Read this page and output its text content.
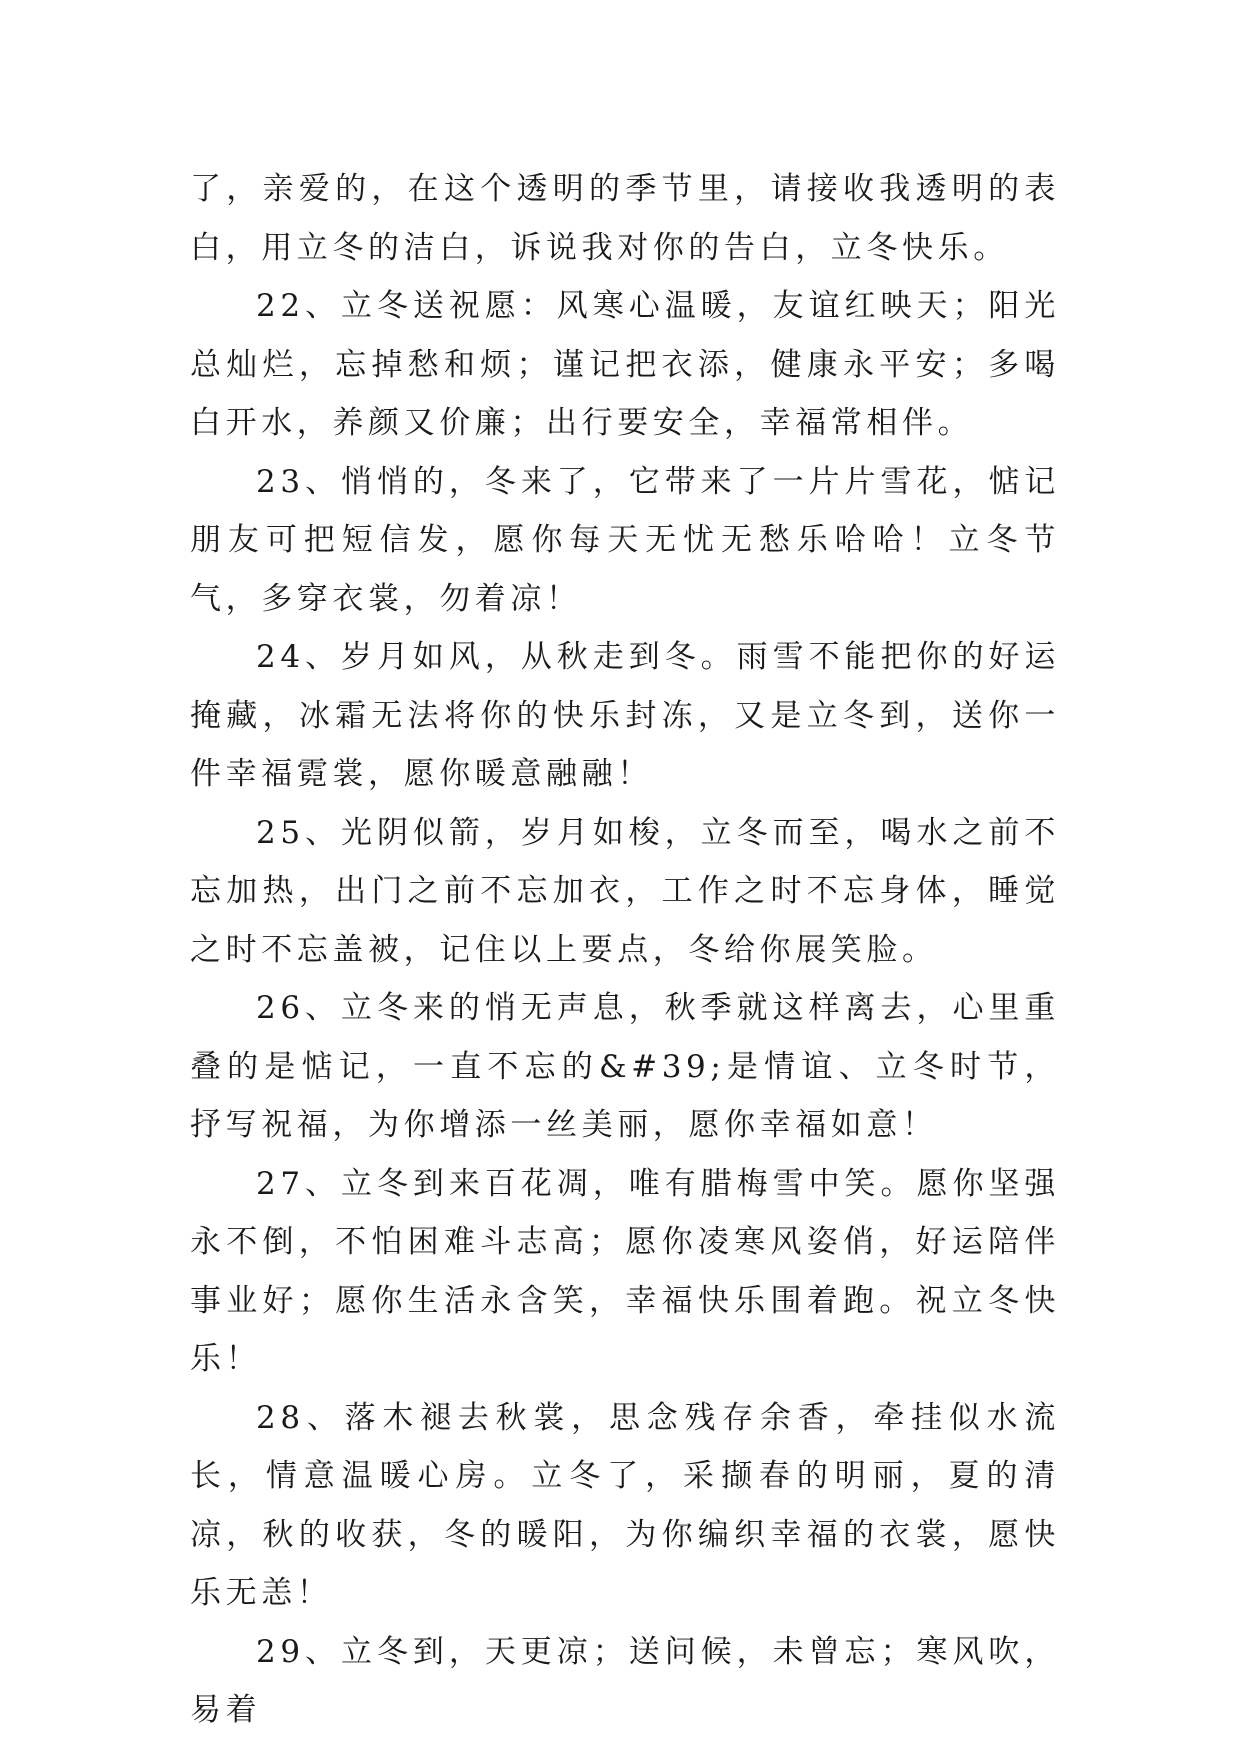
了，亲爱的，在这个透明的季节里，请接收我透明的表白，用立冬的洁白，诉说我对你的告白，立冬快乐。

22、立冬送祝愿：风寒心温暖，友谊红映天；阳光总灿烂，忘掉愁和烦；谨记把衣添，健康永平安；多喝白开水，养颜又价廉；出行要安全，幸福常相伴。

23、悄悄的，冬来了，它带来了一片片雪花，惦记朋友可把短信发，愿你每天无忧无愁乐哈哈！立冬节气，多穿衣裳，勿着凉！

24、岁月如风，从秋走到冬。雨雪不能把你的好运掩藏，冰霜无法将你的快乐封冻，又是立冬到，送你一件幸福霓裳，愿你暖意融融！

25、光阴似箭，岁月如梭，立冬而至，喝水之前不忘加热，出门之前不忘加衣，工作之时不忘身体，睡觉之时不忘盖被，记住以上要点，冬给你展笑脸。

26、立冬来的悄无声息，秋季就这样离去，心里重叠的是惦记，一直不忘的&#39;是情谊、立冬时节，抒写祝福，为你增添一丝美丽，愿你幸福如意！

27、立冬到来百花凋，唯有腊梅雪中笑。愿你坚强永不倒，不怕困难斗志高；愿你凌寒风姿俏，好运陪伴事业好；愿你生活永含笑，幸福快乐围着跑。祝立冬快乐！

28、落木褪去秋裳，思念残存余香，牵挂似水流长，情意温暖心房。立冬了，采撷春的明丽，夏的清凉，秋的收获，冬的暖阳，为你编织幸福的衣裳，愿快乐无恙！

29、立冬到，天更凉；送问候，未曾忘；寒风吹，易着
